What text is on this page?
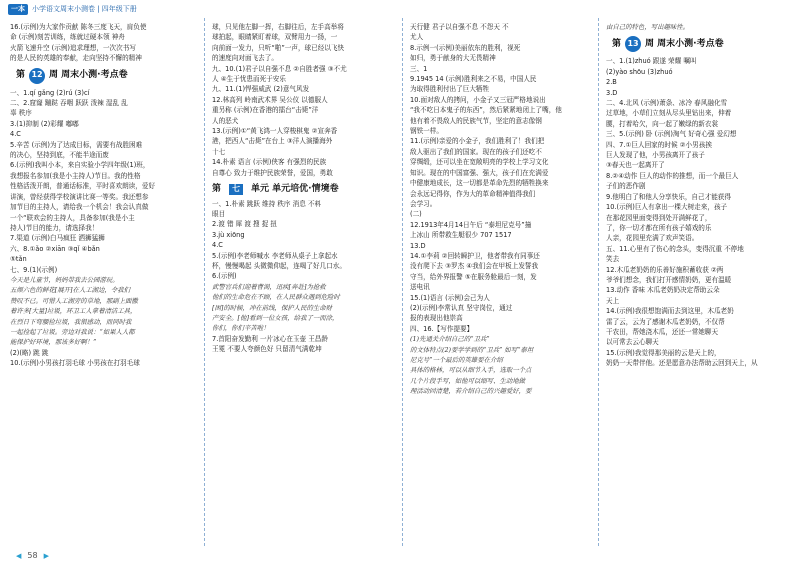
一本	小学语文周末小测卷 | 四年级下册

16.(示例)为大家作贡献 陈冬三度飞天，肩负使

命 (示例)刻苦训练，练就过硬本领 神舟

火箭飞速升空 (示例)追求理想，一次次书写

的是人民的英雄的奉献，走向坚持不懈的精神

第 12 周 周末小测·考点卷

一、1.qí gǎng (2)rú (3)cí

二、2.窟窿 蹦跶 吞咽 跃跃 泼辣 湿乱 乱

辜 秩序

3.(1)抑制 (2)彩耀 嘟嘟

4.C

5.辛苦 (示例)为了达成目标，需要有战胜困难

的决心，坚持到底，不能半途而废

6.(示例)我叫小本，来自实验小学四年级(1)班，

我想报名参加(我是小主持人)节目。我的性格

性格活泼开朗，普通话标准，平时喜欢朗读，爱好

讲演，曾经获得学校演讲比赛一等奖。我还想参

加节目的主持人，请给我一个机会！我会认真做

一个“联欢会的主持人，具备参加(我是小主

持人)节目的能力，请选择我！

7.渠道 (示例)白马疯狂 洒狮猛狮

六、8.①ǎo ②xiān ③qǐ ④bǎn

⑤tǎn

七、9.(1)(示例)

今天是儿童节，妈妈带我去公园游玩。

五颜六色的鲜花[展开]在人工湖边，令我们

赞叹不已。可惜人工湖旁的草地，那副上面撒

着许多[大量]垃圾，环卫工人拿着清洁工具，

在烈日下弯腰捡垃圾，我很感动，而同时我

一起捡起了垃圾。旁边对我说：“如果人人都

能保护好环境，那该多好啊！”

(2)(略) 跳 跳

10.(示例)小男孩打羽毛球 小男孩在打羽毛球

球，只见他左脚一挥，右脚往后，左手高举将

球拍起，眼睛紧盯着球，双臂用力一扬，一

向前面一发力，只听“啪”一声，球已经以飞快

的速度向对面飞去了。

九、10.(1)君子以自强不息 ②自胜者强 ③不尤

人 ④生于忧患而死于安乐

九、11.(1)悍强威武 (2)意气风发

12.林高列 岭南武术界 吴公仪 以德服人

重另称 (示例)在香港的擂台“击毙”洋

人的恶犬

13.(示例)①“黄飞鸿一人穿梭棋鬼 ②宣奔香

港，把西人“击毙”在台上 ③洋人演播海外

十七

14.朴素 语言 (示例)侠客 有强烈的民族

自尊心 致力于维护民族荣誉，爱国，勇敢

第	七	单元 单元培优·情境卷

一、1.朴素 跳跃 维持 秩序 消息 不料

眼目

2.渡 错 犀 渡 搜 捉 扭

3.jù xiōng

4.C

5.(示例)李老师喊水 李老师从桌子上拿起水

杯，慢慢喝起 头微微仰起，连喝了好几口水。

6.(示例)

武警官兵们迎着曹渴，迅疾[奔赴]为抢救

他们的生命危在不顾，在人民群众遇到危险时

[困]的时候，冲在前线，保护人民的生命财

产安全。[他]看到一位女孩，给我了一而涂，

你们，你们辛苦啦！

7.首阳奋发勤利 一片冰心在玉壶 王昌龄

王冕 不要人夸颜色好 只留清气满乾坤

天行健 君子以自强不息 不怨天 不

尤人

8.示例一(示例)美丽依东的胜利，视死

如归，勇于献身的大无畏精神

三、1

9.1945 14 (示例)胜利来之不易，中国人民

为取得胜利付出了巨大牺牲

10.面对敌人的拷问，小金子又三冠严格地说出

“我不吃日本鬼子的东西”，然后紧紧地闭上了嘴，他

他有着不畏敌人的民族气节，坚定的意志像钢

钢铁一样。

11.(示例)亲爱的小金子，我们胜利了！我们把

敌人驱出了我们的国家。现在的孩子们还吃不

穿绸缎，还可以坐在宽敞明亮的学校上学习文化

知识。现在的中国富强、强大，孩子们在充满爱

中健康地成长，这一切都是革命先烈的牺牲换来

会永远记得你，作为大的革命精神值得我们

会学习。

(二)

12.1913年4月14日午后 “泰坦尼克号”撞

上冰山 所带救生艇很少 707 1517

13.D

14.①李莉 ②回转瞬护卫，他者带我有同事还

没有爬下去 ③罗杰 ④我们会在甲板上发誓我

守当，给外界报警 ⑤在服务舱最后一刻，发

送电讯

15.(1)语言 (示例)会己为人

(2)(示例)李常认真 坚守岗位，通过

报的表现出他崇高

四、16.【写作提要】

(1)先通关介绍自己的“卫兵”

的文体特点(2)要学学到的“卫兵” 如写“泰坦

尼克号”一个最后的英雄要在介绍

具体的格林，可以从细节入手，选取一个点

几个片段手写，如他可以细写、生动地做

理活动回清楚，若介绍自己的兴趣爱好，要

由自己的特色，写出趣味性。

第 13 周 周末小测·考点卷

一、1.(1)zhuó 跟遂 荣耀 嘱叫

(2)yào shōu (3)zhuó

2.B

3.D

二、4.北风 (示例)萧条、冰冷 春风融化雪

过草地，小草们立刻从尽头里钻出来，伸着

腰，打着哈欠，向一起了嫩绿的新衣裳

三、5.(示例) 卧 (示例)淘气 好奇心强 爱幻想

四、7.①巨人回家的时候 ②小男孩挨

巨人发现了他，小男孩离开了孩子

③春天也一起离开了

8.②④动作 巨人的动作的推想，而一个最巨人

子们的恶作剧

9.他明白了和他人分享快乐，自己才能获得

10.(示例)巨人有拿出一棵大树走来，孩子

在那花园里面变得到处开满鲜花了，

了，你一切才都在所有孩子嬉戏的乐

人亲，花园里充满了欢声笑语。

五、11.心里有了伤心的念头，变得沉重 不停地

笑去

12.木瓜老奶奶的乐善好施积蓄收获 ②两

爷爷们想念，我们打开感情奶奶，更有温暖

13.动作 香味 木瓜老奶奶决定帮助云朵

天上

14.(示例)我很想饱满而去到这里，木瓜老奶

雷了云，云为了感谢木瓜老奶奶，不仅帮

干农田，帮她浇木瓜，还还一常她聊天

以可常去云心聊天

15.(示例)我觉得那美丽的云是天上的，

奶奶一天带伴他。还是愿意办法帮助云回到天上，从

◀ 58 ▶
